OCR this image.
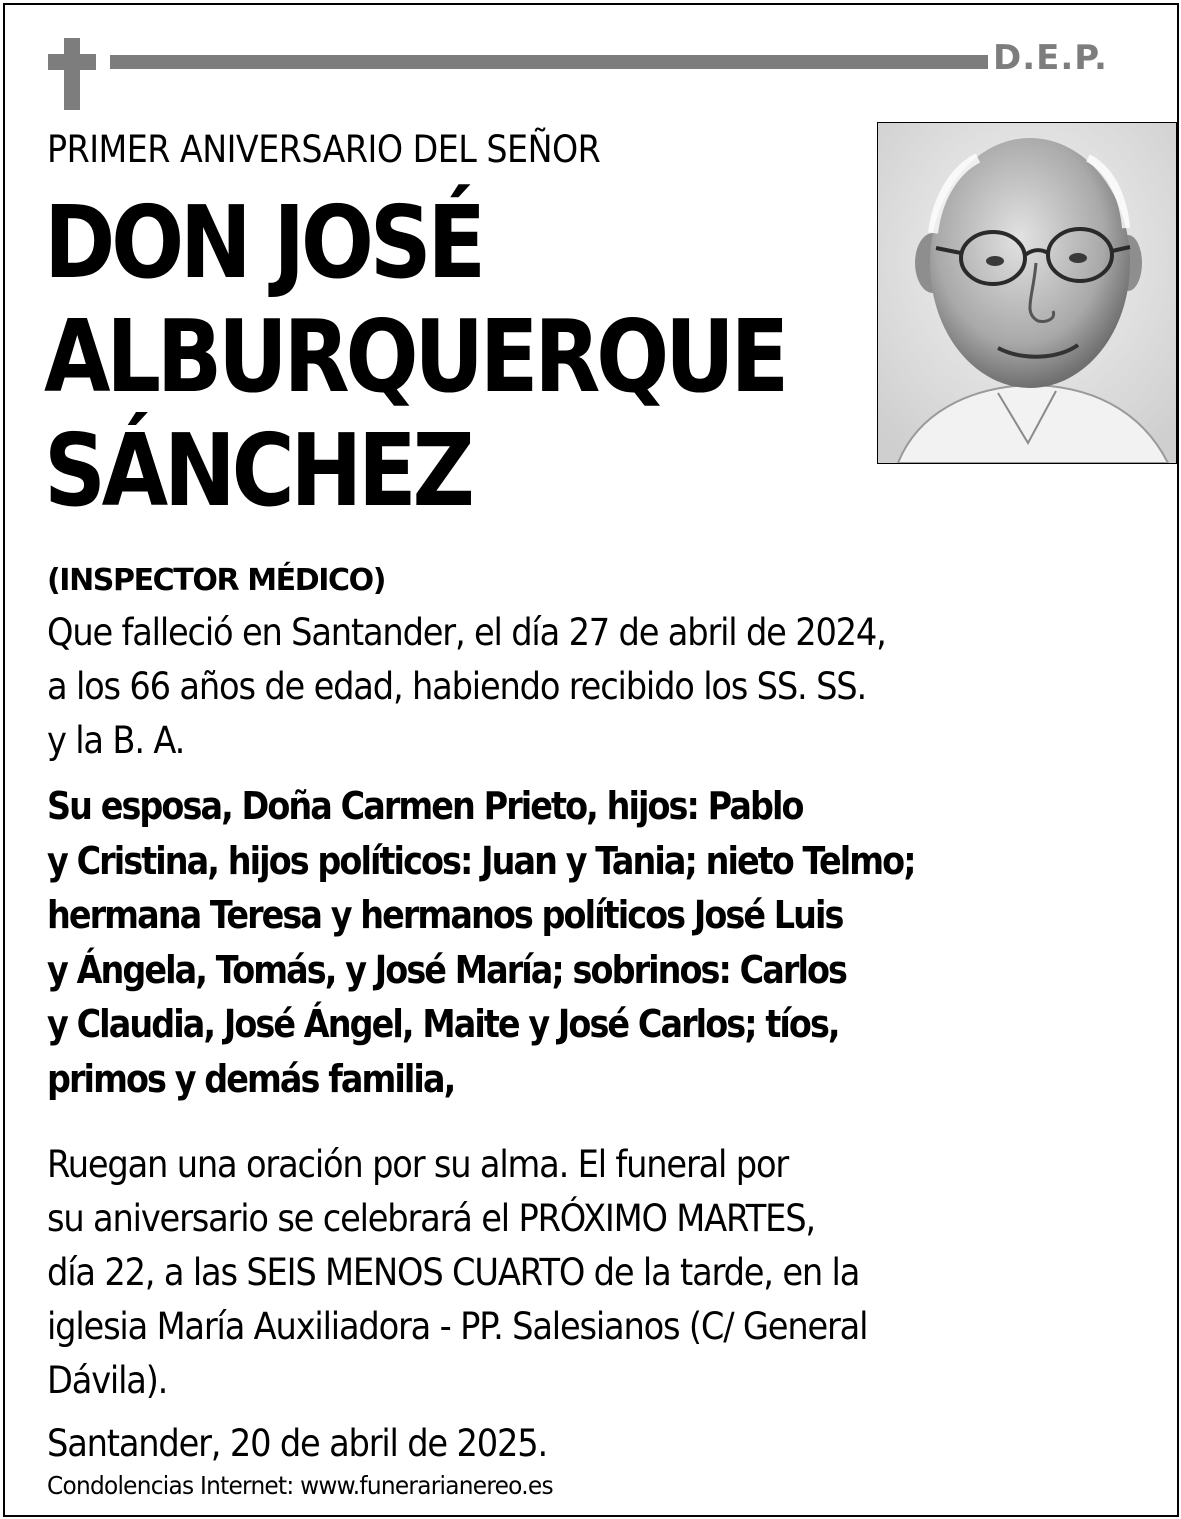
D.E.P.
PRIMER ANIVERSARIO DEL SEÑOR
DON JOSÉ
ALBURQUERQUE
SÁNCHEZ
(INSPECTOR MÉDICO)
Que falleció en Santander, el día 27 de abril de 2024,
a los 66 años de edad, habiendo recibido los SS. SS.
y la B. A.
Su esposa, Doña Carmen Prieto, hijos: Pablo
y Cristina, hijos políticos: Juan y Tania; nieto Telmo;
hermana Teresa y hermanos políticos José Luis
y Ángela, Tomás, y José María; sobrinos: Carlos
y Claudia, José Ángel, Maite y José Carlos; tíos,
primos y demás familia,
Ruegan una oración por su alma. El funeral por
su aniversario se celebrará el PRÓXIMO MARTES,
día 22, a las SEIS MENOS CUARTO de la tarde, en la
iglesia María Auxiliadora - PP. Salesianos (C/ General
Dávila).
Santander, 20 de abril de 2025.
Condolencias Internet: www.funerarianereo.es
